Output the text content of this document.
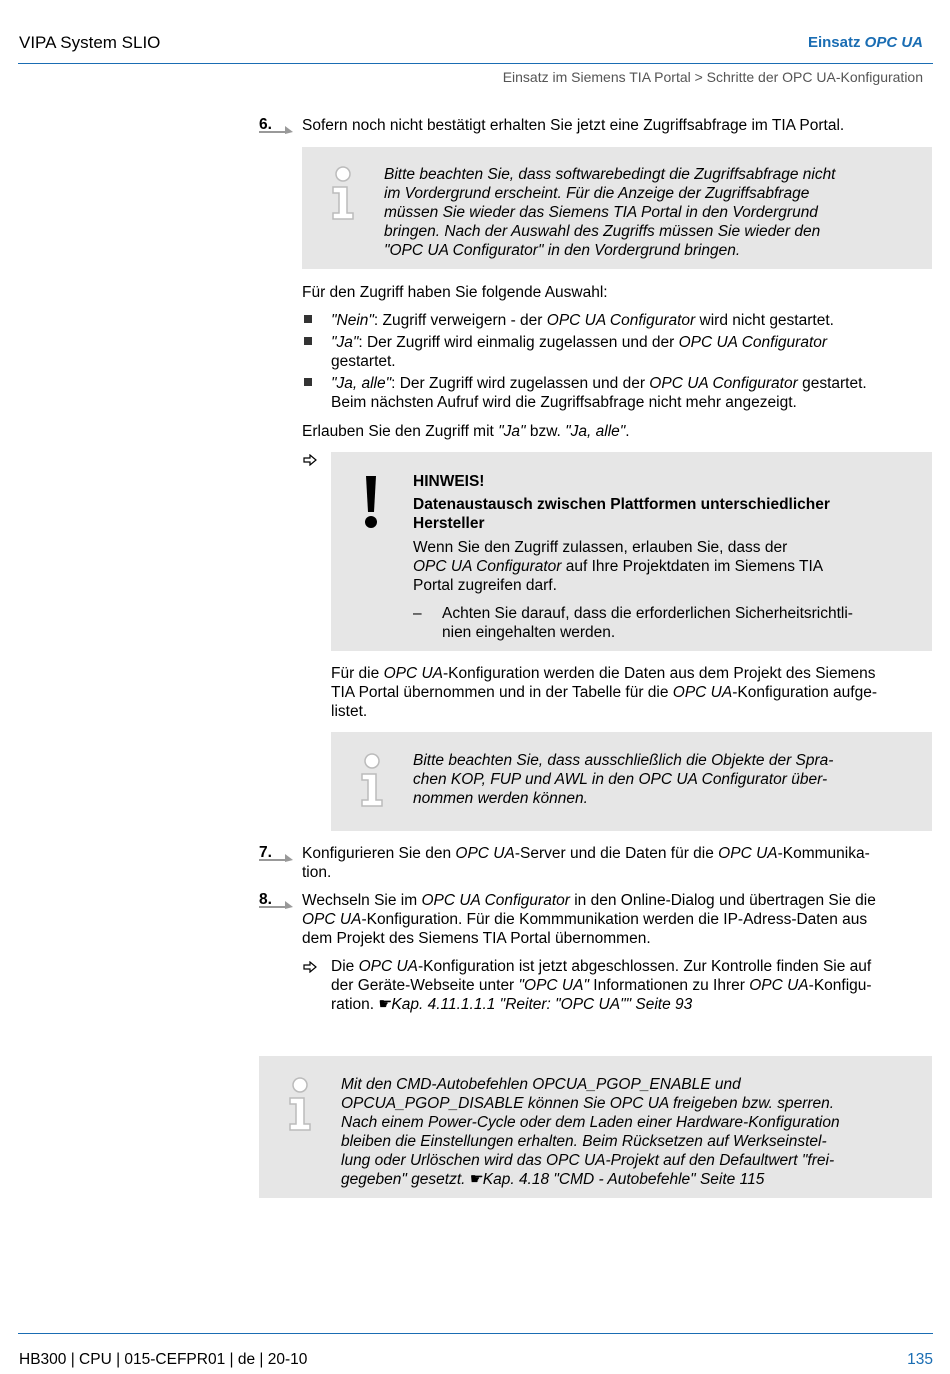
VIPA System SLIO	Einsatz OPC UA
Einsatz im Siemens TIA Portal > Schritte der OPC UA-Konfiguration
6. Sofern noch nicht bestätigt erhalten Sie jetzt eine Zugriffsabfrage im TIA Portal.
Bitte beachten Sie, dass softwarebedingt die Zugriffsabfrage nicht
im Vordergrund erscheint. Für die Anzeige der Zugriffsabfrage
müssen Sie wieder das Siemens TIA Portal in den Vordergrund
bringen. Nach der Auswahl des Zugriffs müssen Sie wieder den
"OPC UA Configurator" in den Vordergrund bringen.
Für den Zugriff haben Sie folgende Auswahl:
"Nein": Zugriff verweigern - der OPC UA Configurator wird nicht gestartet.
"Ja": Der Zugriff wird einmalig zugelassen und der OPC UA Configurator
gestartet.
"Ja, alle": Der Zugriff wird zugelassen und der OPC UA Configurator gestartet.
Beim nächsten Aufruf wird die Zugriffsabfrage nicht mehr angezeigt.
Erlauben Sie den Zugriff mit "Ja" bzw. "Ja, alle".
HINWEIS!
Datenaustausch zwischen Plattformen unterschiedlicher
Hersteller
Wenn Sie den Zugriff zulassen, erlauben Sie, dass der
OPC UA Configurator auf Ihre Projektdaten im Siemens TIA
Portal zugreifen darf.
– Achten Sie darauf, dass die erforderlichen Sicherheitsrichtli-
nien eingehalten werden.
Für die OPC UA-Konfiguration werden die Daten aus dem Projekt des Siemens
TIA Portal übernommen und in der Tabelle für die OPC UA-Konfiguration aufge-
listet.
Bitte beachten Sie, dass ausschließlich die Objekte der Spra-
chen KOP, FUP und AWL in den OPC UA Configurator über-
nommen werden können.
7. Konfigurieren Sie den OPC UA-Server und die Daten für die OPC UA-Kommunika-
tion.
8. Wechseln Sie im OPC UA Configurator in den Online-Dialog und übertragen Sie die
OPC UA-Konfiguration. Für die Kommmunikation werden die IP-Adress-Daten aus
dem Projekt des Siemens TIA Portal übernommen.
Die OPC UA-Konfiguration ist jetzt abgeschlossen. Zur Kontrolle finden Sie auf
der Geräte-Webseite unter "OPC UA" Informationen zu Ihrer OPC UA-Konfigu-
ration. ☛Kap. 4.11.1.1.1 "Reiter: "OPC UA"" Seite 93
Mit den CMD-Autobefehlen OPCUA_PGOP_ENABLE und
OPCUA_PGOP_DISABLE können Sie OPC UA freigeben bzw. sperren.
Nach einem Power-Cycle oder dem Laden einer Hardware-Konfiguration
bleiben die Einstellungen erhalten. Beim Rücksetzen auf Werkseinstel-
lung oder Urlöschen wird das OPC UA-Projekt auf den Defaultwert "frei-
gegeben" gesetzt. ☛Kap. 4.18 "CMD - Autobefehle" Seite 115
HB300 | CPU | 015-CEFPR01 | de | 20-10	135
